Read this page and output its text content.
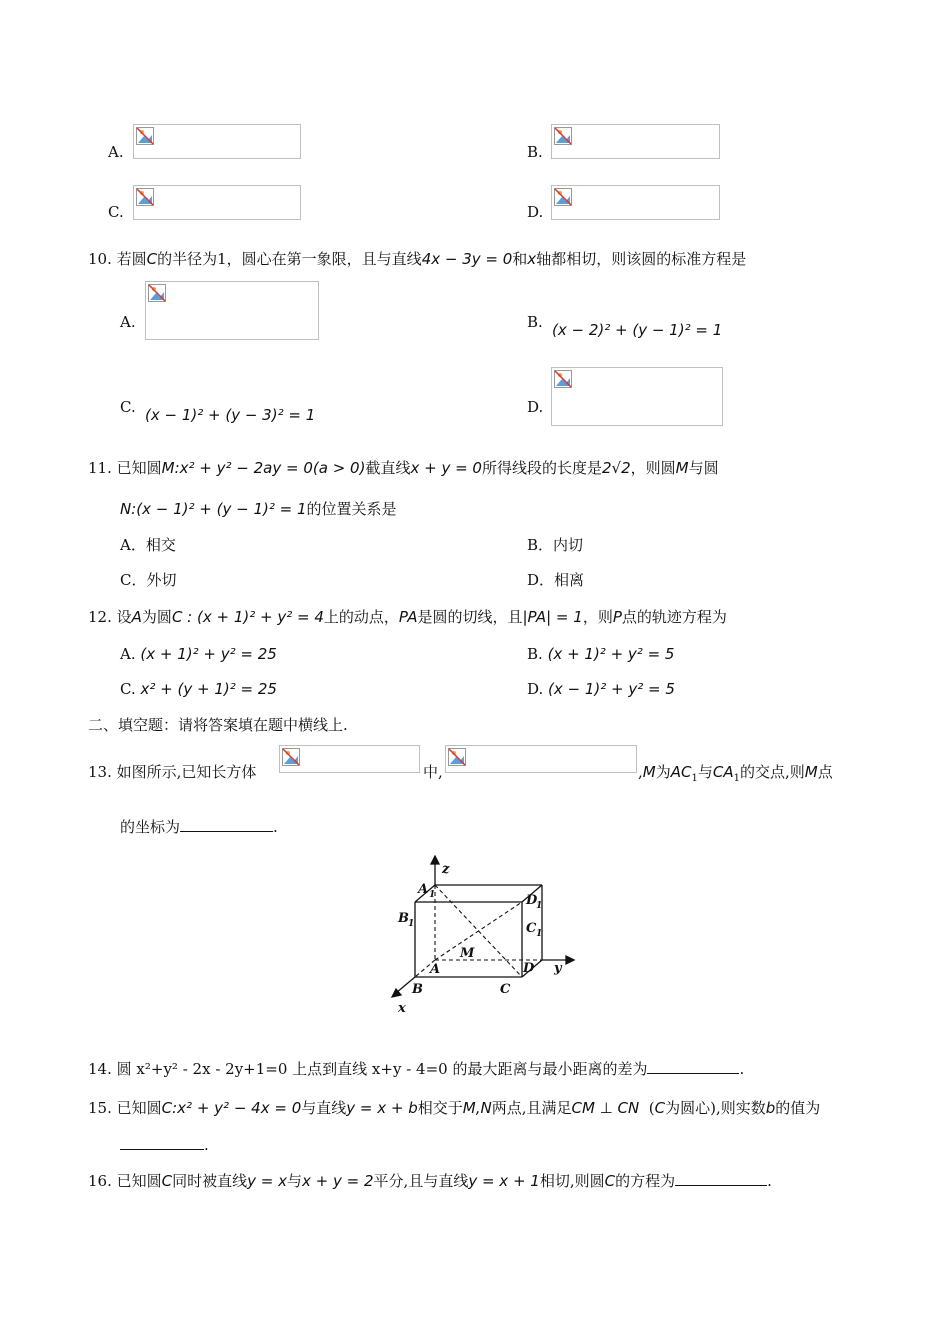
A.	B.
C.	D.
10. 若圆C的半径为1，圆心在第一象限，且与直线4x − 3y = 0和x轴都相切，则该圆的标准方程是
A.	B. (x − 2)² + (y − 1)² = 1
C. (x − 1)² + (y − 3)² = 1	D.
11. 已知圆M:x² + y² − 2ay = 0(a > 0)截直线x + y = 0所得线段的长度是2√2，则圆M与圆
N:(x − 1)² + (y − 1)² = 1的位置关系是
A．相交	B．内切
C．外切	D．相离
12. 设A为圆C : (x + 1)² + y² = 4上的动点，PA是圆的切线，且|PA| = 1，则P点的轨迹方程为
A. (x + 1)² + y² = 25	B. (x + 1)² + y² = 5
C. x² + (y + 1)² = 25	D. (x − 1)² + y² = 5
二、填空题：请将答案填在题中横线上.
13. 如图所示,已知长方体	中,	,M为$AC_1$与$CA_1$的交点,则M点
的坐标为	.
z
y
x
A 1
B 1	C 1
D
1
A
B	C
D
M
14. 圆 x²+y² - 2x - 2y+1=0 上点到直线 x+y - 4=0 的最大距离与最小距离的差为	.
15. 已知圆C:x² + y² − 4x = 0与直线y = x + b相交于M,N两点,且满足CM ⊥ CN (C为圆心),则实数b的值为
.
16. 已知圆C同时被直线y = x与x + y = 2平分,且与直线y = x + 1相切,则圆C的方程为	.
